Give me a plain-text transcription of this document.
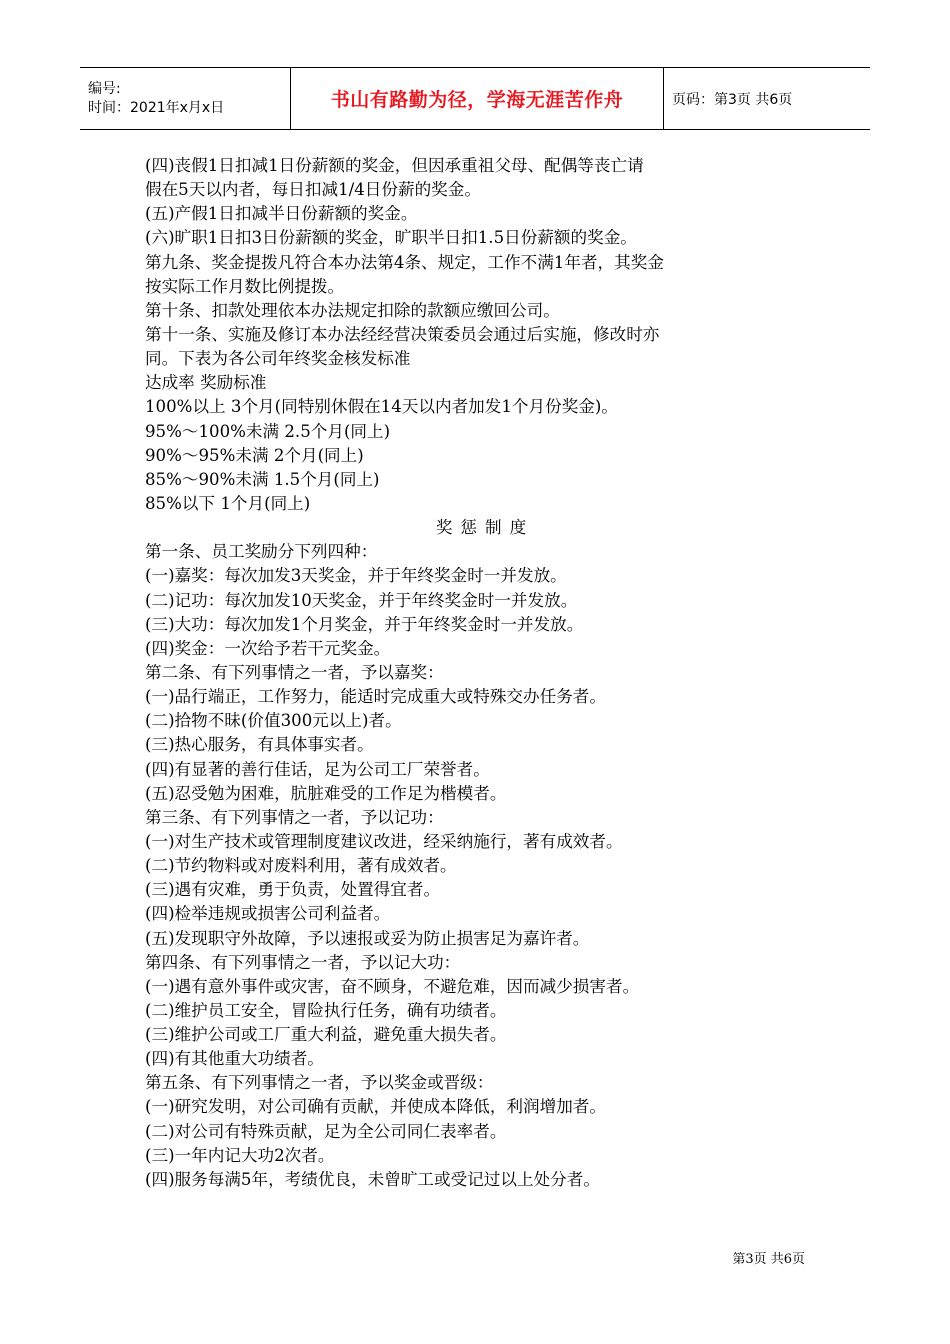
编号:
时间：2021年x月x日	书山有路勤为径，学海无涯苦作舟	页码：第3页 共6页
(四)丧假1日扣减1日份薪额的奖金，但因承重祖父母、配偶等丧亡请
假在5天以内者，每日扣减1/4日份薪的奖金。
(五)产假1日扣减半日份薪额的奖金。
(六)旷职1日扣3日份薪额的奖金，旷职半日扣1.5日份薪额的奖金。
第九条、奖金提拨凡符合本办法第4条、规定，工作不满1年者，其奖金
按实际工作月数比例提拨。
第十条、扣款处理依本办法规定扣除的款额应缴回公司。
第十一条、实施及修订本办法经经营决策委员会通过后实施，修改时亦
同。下表为各公司年终奖金核发标准
达成率 奖励标准
100%以上 3个月(同特别休假在14天以内者加发1个月份奖金)。
95%～100%未满 2.5个月(同上)
90%～95%未满 2个月(同上)
85%～90%未满 1.5个月(同上)
85%以下 1个月(同上)
奖惩制度
第一条、员工奖励分下列四种：
(一)嘉奖：每次加发3天奖金，并于年终奖金时一并发放。
(二)记功：每次加发10天奖金，并于年终奖金时一并发放。
(三)大功：每次加发1个月奖金，并于年终奖金时一并发放。
(四)奖金：一次给予若干元奖金。
第二条、有下列事情之一者，予以嘉奖：
(一)品行端正，工作努力，能适时完成重大或特殊交办任务者。
(二)拾物不昧(价值300元以上)者。
(三)热心服务，有具体事实者。
(四)有显著的善行佳话，足为公司工厂荣誉者。
(五)忍受勉为困难，肮脏难受的工作足为楷模者。
第三条、有下列事情之一者，予以记功：
(一)对生产技术或管理制度建议改进，经采纳施行，著有成效者。
(二)节约物料或对废料利用，著有成效者。
(三)遇有灾难，勇于负责，处置得宜者。
(四)检举违规或损害公司利益者。
(五)发现职守外故障，予以速报或妥为防止损害足为嘉许者。
第四条、有下列事情之一者，予以记大功：
(一)遇有意外事件或灾害，奋不顾身，不避危难，因而减少损害者。
(二)维护员工安全，冒险执行任务，确有功绩者。
(三)维护公司或工厂重大利益，避免重大损失者。
(四)有其他重大功绩者。
第五条、有下列事情之一者，予以奖金或晋级：
(一)研究发明，对公司确有贡献，并使成本降低，利润增加者。
(二)对公司有特殊贡献，足为全公司同仁表率者。
(三)一年内记大功2次者。
(四)服务每满5年，考绩优良，未曾旷工或受记过以上处分者。
第3页 共6页
